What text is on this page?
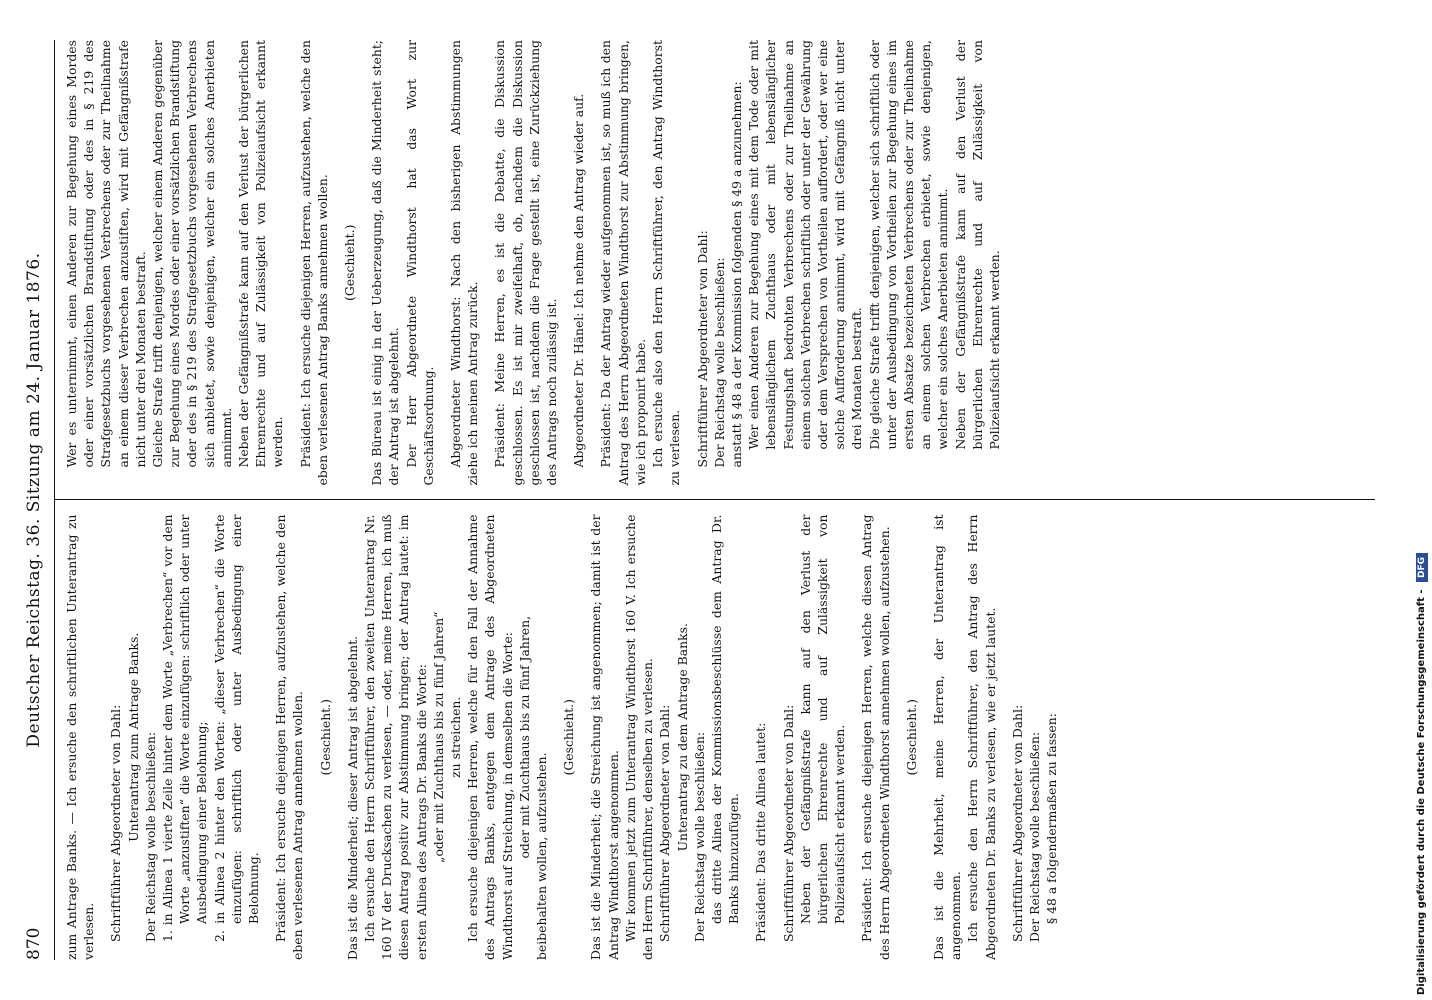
870
Deutscher Reichstag. 36. Sitzung am 24. Januar 1876. zum Antrage Banks. — Ich ersuche den schriftlichen Unterantrag zu verlesen. Schriftführer Abgeordneter von Dahl: Unterantrag zum Antrage Banks. Der Reichstag wolle beschließen: 1. in Alinea 1 vierte Zeile hinter dem Worte „Verbrechen“ vor dem Worte „anzustiften“ die Worte einzufügen: schriftlich oder unter Ausbedingung einer Belohnung; 2. in Alinea 2 hinter den Worten: „dieser Verbrechen“ die Worte einzufügen: schriftlich oder unter Ausbedingung einer Belohnung. Präsident: Ich ersuche diejenigen Herren, aufzustehen, welche den eben verlesenen Antrag annehmen wollen. (Geschieht.) Das ist die Minderheit; dieser Antrag ist abgelehnt. Ich ersuche den Herrn Schriftführer, den zweiten Unterantrag Nr. 160 IV der Drucksachen zu verlesen, — oder, meine Herren, ich muß diesen Antrag positiv zur Abstimmung bringen; der Antrag lautet: im ersten Alinea des Antrags Dr. Banks die Worte: „oder mit Zuchthaus bis zu fünf Jahren“ zu streichen. Ich ersuche diejenigen Herren, welche für den Fall der Annahme des Antrags Banks, entgegen dem Antrage des Abgeordneten Windthorst auf Streichung, in demselben die Worte: oder mit Zuchthaus bis zu fünf Jahren, beibehalten wollen, aufzustehen.

(Geschieht.) Das ist die Minderheit; die Streichung ist angenommen; damit ist der Antrag Windthorst angenommen. Wir kommen jetzt zum Unterantrag Windthorst 160 V. Ich ersuche den Herrn Schriftführer, denselben zu verlesen. Schriftführer Abgeordneter von Dahl: Unterantrag zu dem Antrage Banks. Der Reichstag wolle beschließen: das dritte Alinea der Kommissionsbeschlüsse dem Antrag Dr. Banks hinzuzufügen. Präsident: Das dritte Alinea lautet: Schriftführer Abgeordneter von Dahl: Neben der Gefängnißstrafe kann auf den Verlust der bürgerlichen Ehrenrechte und auf Zulässigkeit von Polizeiaufsicht erkannt werden. Präsident: Ich ersuche diejenigen Herren, welche diesen Antrag des Herrn Abgeordneten Windthorst annehmen wollen, aufzustehen. (Geschieht.) Das ist die Mehrheit, meine Herren, der Unterantrag ist angenommen. Ich ersuche den Herrn Schriftführer, den Antrag des Herrn Abgeordneten Dr. Banks zu verlesen, wie er jetzt lautet. Schriftführer Abgeordneter von Dahl: Der Reichstag wolle beschließen: § 48 a folgendermaßen zu fassen:

Wer es unternimmt, einen Anderen zur Begehung eines Mordes oder einer vorsätzlichen Brandstiftung oder des in § 219 des Strafgesetzbuchs vorgesehenen Verbrechens oder zur Theilnahme an einem dieser Verbrechen anzustiften, wird mit Gefängnißstrafe nicht unter drei Monaten bestraft. Gleiche Strafe trifft denjenigen, welcher einem Anderen gegenüber zur Begehung eines Mordes oder einer vorsätzlichen Brandstiftung oder des in § 219 des Strafgesetzbuchs vorgesehenen Verbrechens sich anbietet, sowie denjenigen, welcher ein solches Anerbieten annimmt. Neben der Gefängnißstrafe kann auf den Verlust der bürgerlichen Ehrenrechte und auf Zulässigkeit von Polizeiaufsicht erkannt werden. Präsident: Ich ersuche diejenigen Herren, aufzustehen, welche den eben verlesenen Antrag Banks annehmen wollen. (Geschieht.) Das Büreau ist einig in der Ueberzeugung, daß die Minderheit steht; der Antrag ist abgelehnt. Der Herr Abgeordnete Windthorst hat das Wort zur Geschäftsordnung. Abgeordneter Windthorst: Nach den bisherigen Abstimmungen ziehe ich meinen Antrag zurück. Präsident: Meine Herren, es ist die Debatte, die Diskussion geschlossen. Es ist mir zweifelhaft, ob, nachdem die Diskussion geschlossen ist, nachdem die Frage gestellt ist, eine Zurückziehung des Antrags noch zulässig ist. Abgeordneter Dr. Hänel: Ich nehme den Antrag wieder auf. Präsident: Da der Antrag wieder aufgenommen ist, so muß ich den Antrag des Herrn Abgeordneten Windthorst zur Abstimmung bringen, wie ich proponirt habe. Ich ersuche also den Herrn Schriftführer, den Antrag Windthorst zu verlesen. Schriftführer Abgeordneter von Dahl: Der Reichstag wolle beschließen: anstatt § 48 a der Kommission folgenden § 49 a anzunehmen: Wer einen Anderen zur Begehung eines mit dem Tode oder mit lebenslänglichem Zuchthaus oder mit lebenslänglicher Festungshaft bedrohten Verbrechens oder zur Theilnahme an einem solchen Verbrechen schriftlich oder unter der Gewährung oder dem Versprechen von Vortheilen auffordert, oder wer eine solche Aufforderung annimmt, wird mit Gefängniß nicht unter drei Monaten bestraft. Die gleiche Strafe trifft denjenigen, welcher sich schriftlich oder unter der Ausbedingung von Vortheilen zur Begehung eines im ersten Absatze bezeichneten Verbrechens oder zur Theilnahme an einem solchen Verbrechen erbietet, sowie denjenigen, welcher ein solches Anerbieten annimmt. Neben der Gefängnißstrafe kann auf den Verlust der bürgerlichen Ehrenrechte und auf Zulässigkeit von Polizeiaufsicht erkannt werden.

Digitalisierung gefördert durch die Deutsche Forschungsgemeinschaft - DFG
